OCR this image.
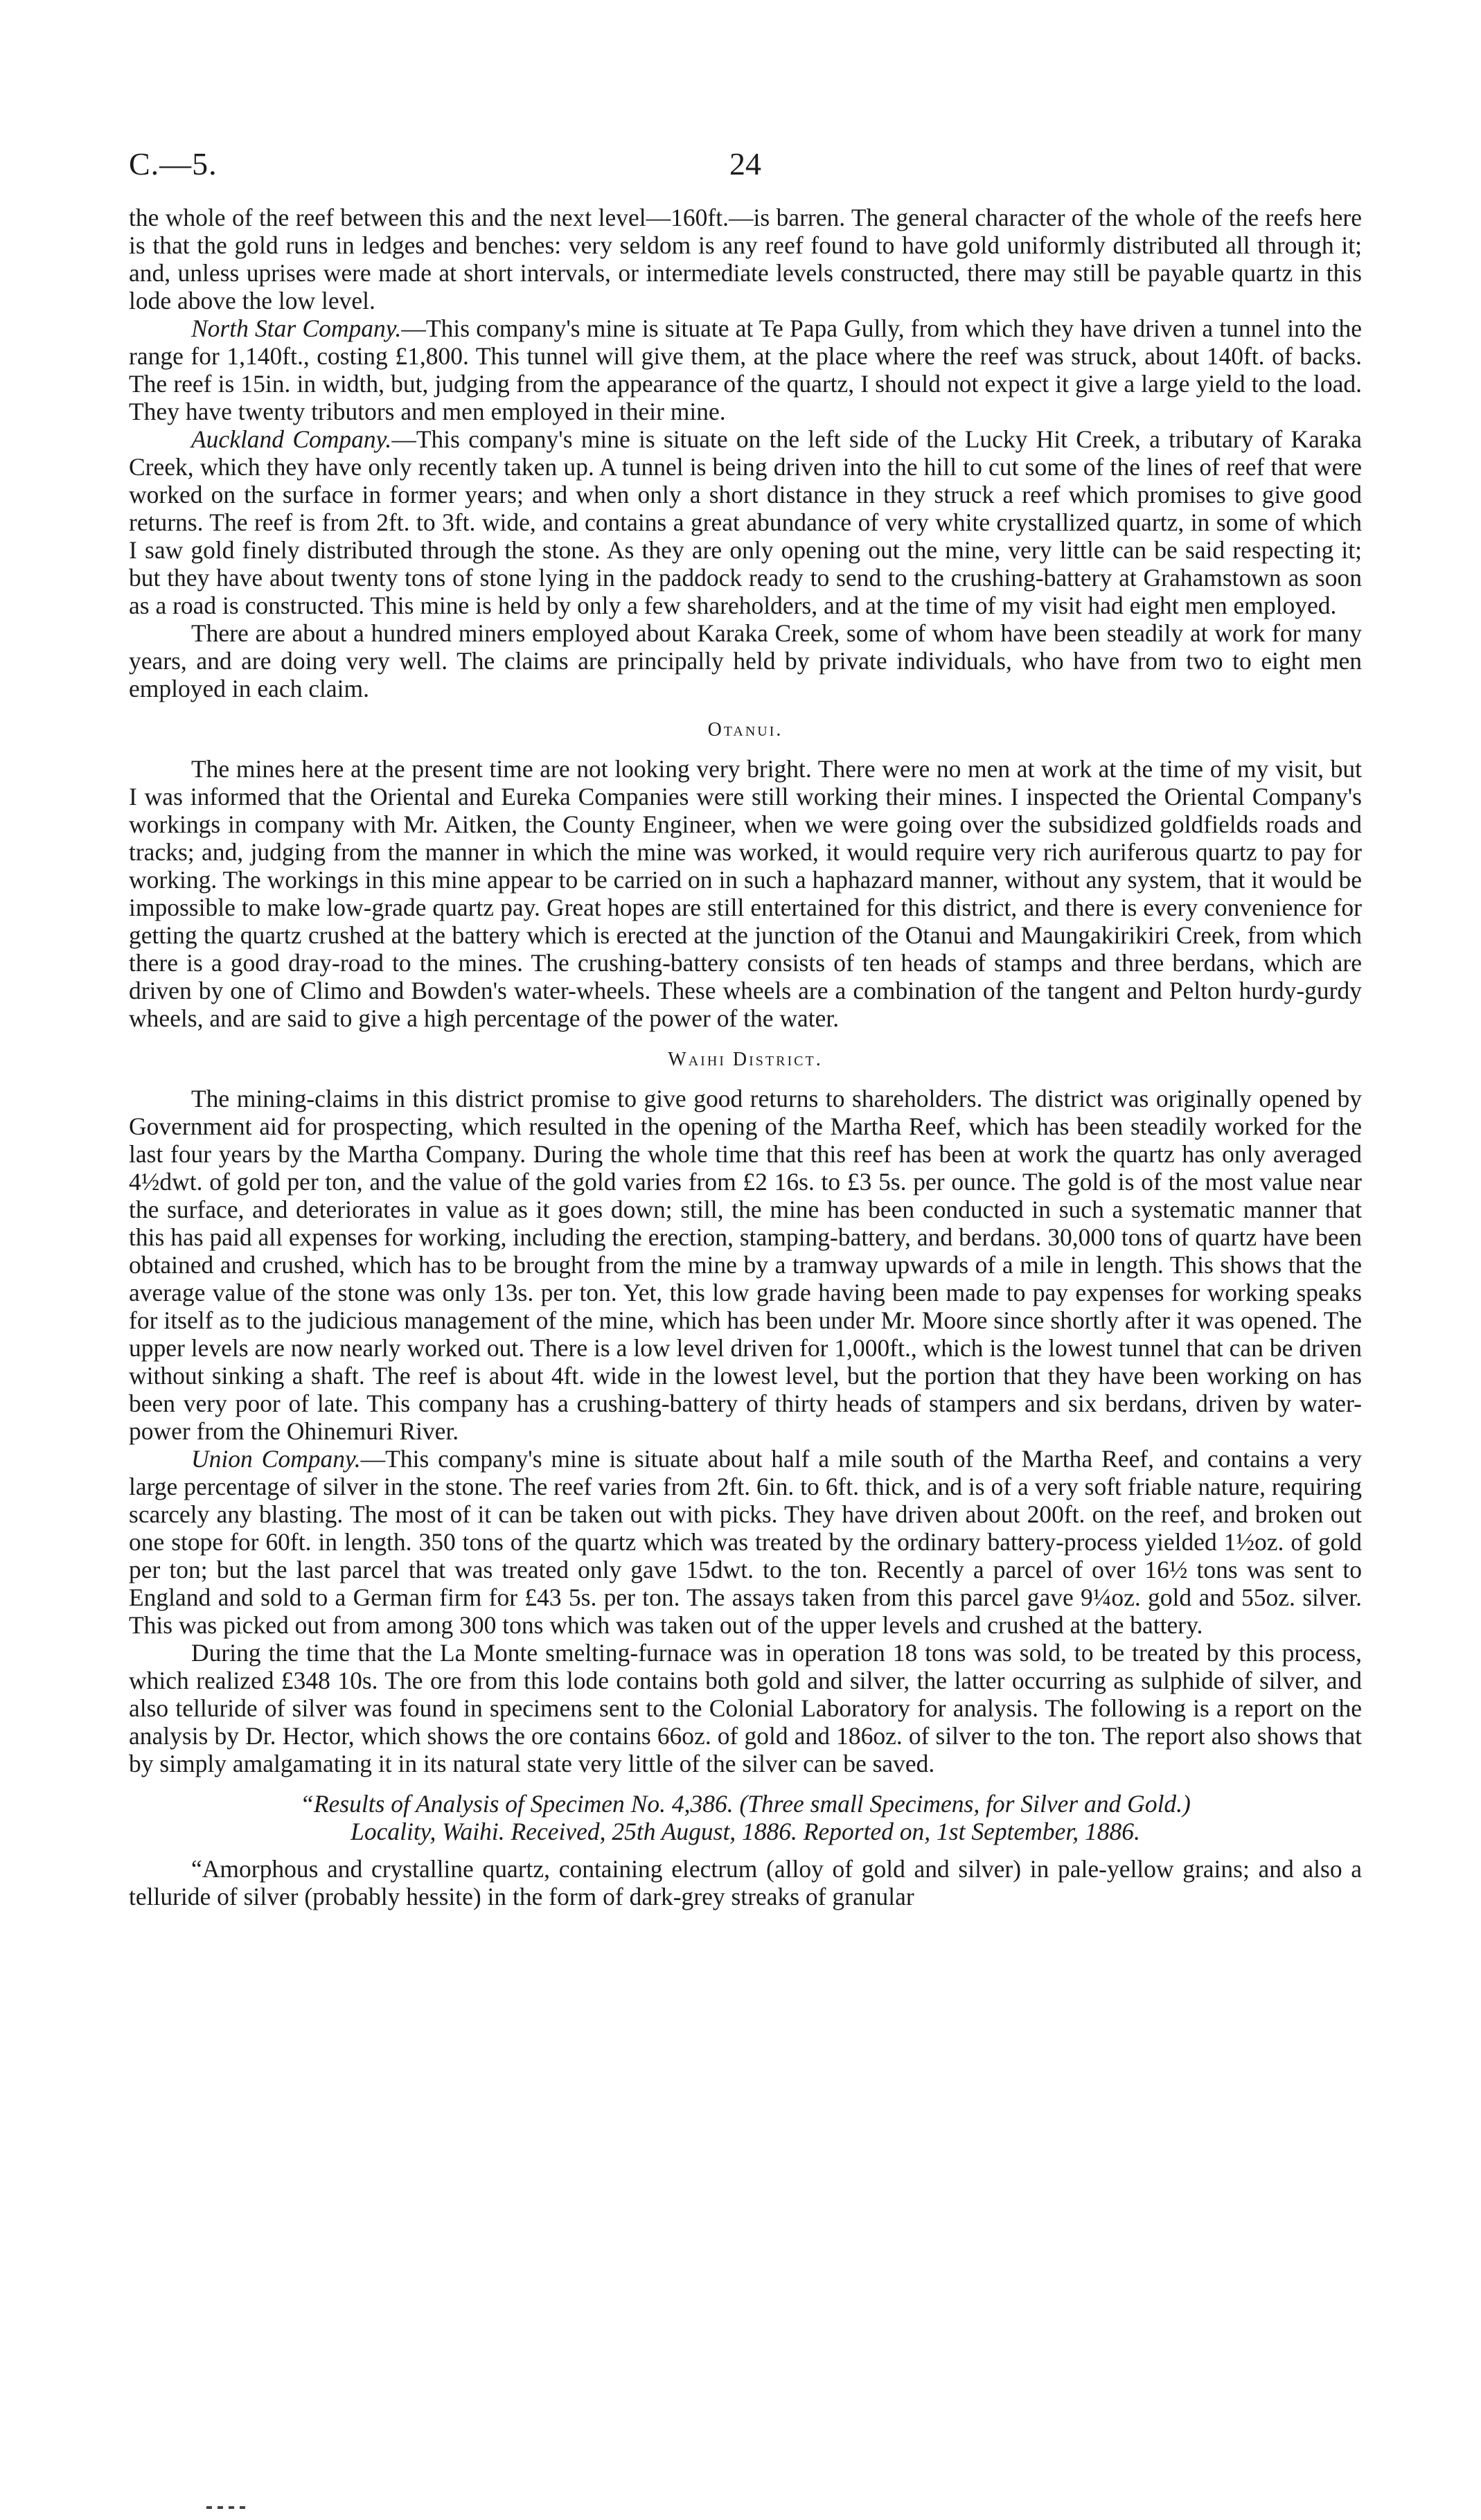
C.—5.	24

the whole of the reef between this and the next level—160ft.—is barren. The general character of the whole of the reefs here is that the gold runs in ledges and benches: very seldom is any reef found to have gold uniformly distributed all through it; and, unless uprises were made at short intervals, or intermediate levels constructed, there may still be payable quartz in this lode above the low level.

North Star Company.—This company's mine is situate at Te Papa Gully, from which they have driven a tunnel into the range for 1,140ft., costing £1,800. This tunnel will give them, at the place where the reef was struck, about 140ft. of backs. The reef is 15in. in width, but, judging from the appearance of the quartz, I should not expect it give a large yield to the load. They have twenty tributors and men employed in their mine.

Auckland Company.—This company's mine is situate on the left side of the Lucky Hit Creek, a tributary of Karaka Creek, which they have only recently taken up. A tunnel is being driven into the hill to cut some of the lines of reef that were worked on the surface in former years; and when only a short distance in they struck a reef which promises to give good returns. The reef is from 2ft. to 3ft. wide, and contains a great abundance of very white crystallized quartz, in some of which I saw gold finely distributed through the stone. As they are only opening out the mine, very little can be said respecting it; but they have about twenty tons of stone lying in the paddock ready to send to the crushing-battery at Grahamstown as soon as a road is constructed. This mine is held by only a few shareholders, and at the time of my visit had eight men employed.

There are about a hundred miners employed about Karaka Creek, some of whom have been steadily at work for many years, and are doing very well. The claims are principally held by private individuals, who have from two to eight men employed in each claim.

Otanui.

The mines here at the present time are not looking very bright. There were no men at work at the time of my visit, but I was informed that the Oriental and Eureka Companies were still working their mines. I inspected the Oriental Company's workings in company with Mr. Aitken, the County Engineer, when we were going over the subsidized goldfields roads and tracks; and, judging from the manner in which the mine was worked, it would require very rich auriferous quartz to pay for working. The workings in this mine appear to be carried on in such a haphazard manner, without any system, that it would be impossible to make low-grade quartz pay. Great hopes are still entertained for this district, and there is every convenience for getting the quartz crushed at the battery which is erected at the junction of the Otanui and Maungakirikiri Creek, from which there is a good dray-road to the mines. The crushing-battery consists of ten heads of stamps and three berdans, which are driven by one of Climo and Bowden's water-wheels. These wheels are a combination of the tangent and Pelton hurdy-gurdy wheels, and are said to give a high percentage of the power of the water.

Waihi District.

The mining-claims in this district promise to give good returns to shareholders. The district was originally opened by Government aid for prospecting, which resulted in the opening of the Martha Reef, which has been steadily worked for the last four years by the Martha Company. During the whole time that this reef has been at work the quartz has only averaged 4½dwt. of gold per ton, and the value of the gold varies from £2 16s. to £3 5s. per ounce. The gold is of the most value near the surface, and deteriorates in value as it goes down; still, the mine has been conducted in such a systematic manner that this has paid all expenses for working, including the erection, stamping-battery, and berdans. 30,000 tons of quartz have been obtained and crushed, which has to be brought from the mine by a tramway upwards of a mile in length. This shows that the average value of the stone was only 13s. per ton. Yet, this low grade having been made to pay expenses for working speaks for itself as to the judicious management of the mine, which has been under Mr. Moore since shortly after it was opened. The upper levels are now nearly worked out. There is a low level driven for 1,000ft., which is the lowest tunnel that can be driven without sinking a shaft. The reef is about 4ft. wide in the lowest level, but the portion that they have been working on has been very poor of late. This company has a crushing-battery of thirty heads of stampers and six berdans, driven by water-power from the Ohinemuri River.

Union Company.—This company's mine is situate about half a mile south of the Martha Reef, and contains a very large percentage of silver in the stone. The reef varies from 2ft. 6in. to 6ft. thick, and is of a very soft friable nature, requiring scarcely any blasting. The most of it can be taken out with picks. They have driven about 200ft. on the reef, and broken out one stope for 60ft. in length. 350 tons of the quartz which was treated by the ordinary battery-process yielded 1½oz. of gold per ton; but the last parcel that was treated only gave 15dwt. to the ton. Recently a parcel of over 16½ tons was sent to England and sold to a German firm for £43 5s. per ton. The assays taken from this parcel gave 9¼oz. gold and 55oz. silver. This was picked out from among 300 tons which was taken out of the upper levels and crushed at the battery.

During the time that the La Monte smelting-furnace was in operation 18 tons was sold, to be treated by this process, which realized £348 10s. The ore from this lode contains both gold and silver, the latter occurring as sulphide of silver, and also telluride of silver was found in specimens sent to the Colonial Laboratory for analysis. The following is a report on the analysis by Dr. Hector, which shows the ore contains 66oz. of gold and 186oz. of silver to the ton. The report also shows that by simply amalgamating it in its natural state very little of the silver can be saved.

“Results of Analysis of Specimen No. 4,386. (Three small Specimens, for Silver and Gold.)
Locality, Waihi. Received, 25th August, 1886. Reported on, 1st September, 1886.

“Amorphous and crystalline quartz, containing electrum (alloy of gold and silver) in pale-yellow grains; and also a telluride of silver (probably hessite) in the form of dark-grey streaks of granular
